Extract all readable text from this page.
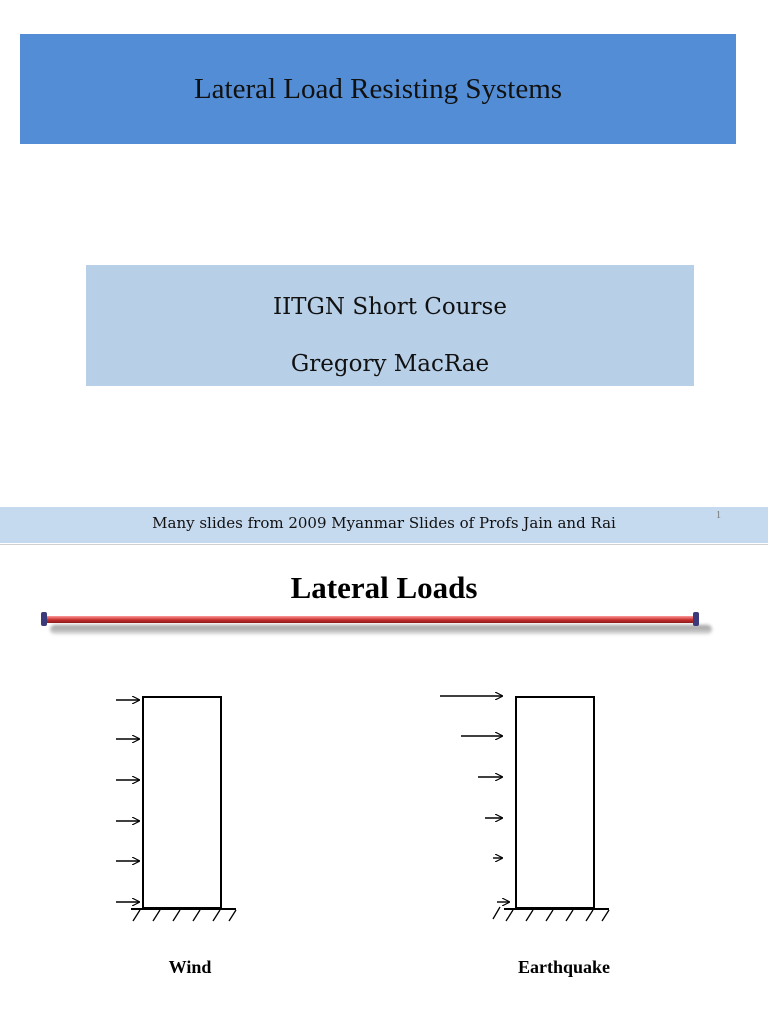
Lateral Load Resisting Systems
IITGN Short Course
Gregory MacRae
Many slides from 2009 Myanmar Slides of Profs Jain and Rai	1
Lateral Loads
Wind	Earthquake
